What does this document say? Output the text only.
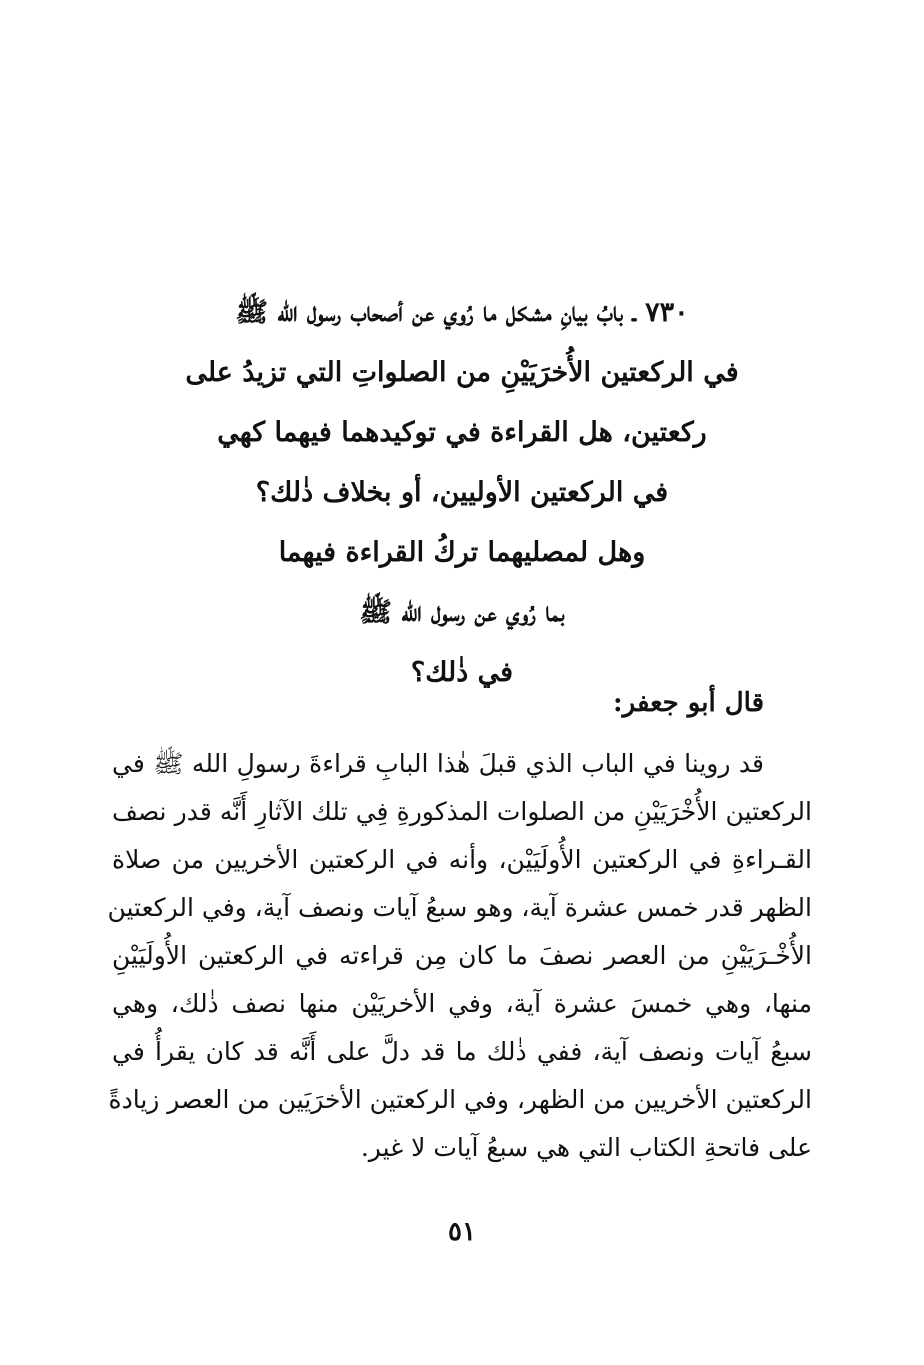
٧٣٠ ـ بابُ بيانِ مشكل ما رُوي عن أصحاب رسول الله ﷺ
في الركعتين الأُخرَيَيْنِ من الصلواتِ التي تزيدُ على
ركعتين، هل القراءة في توكيدهما فيهما كهي
في الركعتين الأوليين، أو بخلاف ذٰلك؟
وهل لمصليهما تركُ القراءة فيهما
بما رُوي عن رسول الله ﷺ
في ذٰلك؟
قال أبو جعفر:
قد روينا في الباب الذي قبلَ هٰذا البابِ قراءةَ رسولِ الله ﷺ في
الركعتين الأُخْرَيَيْنِ من الصلوات المذكورةِ فِي تلك الآثارِ أَنَّه قدر نصف
القـراءةِ في الركعتين الأُولَيَيْن، وأنه في الركعتين الأخريين من صلاة
الظهر قدر خمس عشرة آية، وهو سبعُ آيات ونصف آية، وفي الركعتين
الأُخْـرَيَيْنِ من العصر نصفَ ما كان مِن قراءته في الركعتين الأُولَيَيْنِ
منها، وهي خمسَ عشرة آية، وفي الأخريَيْن منها نصف ذٰلك، وهي
سبعُ آيات ونصف آية، ففي ذٰلك ما قد دلَّ على أَنَّه قد كان يقرأُ في
الركعتين الأخريين من الظهر، وفي الركعتين الأخرَيَين من العصر زيادةً
على فاتحةِ الكتاب التي هي سبعُ آيات لا غير.
٥١
